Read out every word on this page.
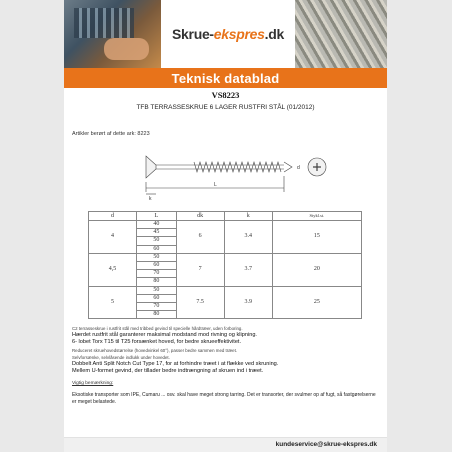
Skrue-ekspres.dk
Teknisk datablad
VS8223
TFB TERRASSESKRUE 6 LAGER RUSTFRI STÅL (01/2012)
Artikler berørt af dette ark: 8223
L
k
d
d	L	dk	k	Stykl.st.
4	40	6	3.4	15
	45			
	50			
	60			
4,5	50	7	3.7	20
	60			
	70			
	80			
5	50	7.5	3.9	25
	60			
	70			
	80			
C2 terrasseskrue i rustfrit stål med tribbed gevind til specielle hårdtræer, uden forboring.
Hærdet rustfrit stål garanterer maksimal modstand mod rivning og klipning.
6- lobet Torx T15 til T25 forsænket hoved, for bedre skrueeffektivitet.
Reduceret skruehovedstørrelse (hovedvinkel 60°), passer bedre sammen med træet.
Selvforsænke, selvlåsende indlukk under hovedet.
Dobbelt Anti Split Notch Cut Type 17, for at forhindre træet i at flække ved skruning.
Mellem U-formet gevind, der tillader bedre indtrængning af skruen ind i træet.
Vigtig bemærkning:
Eksotiske transporter som IPE, Cumaru ... osv. skal have meget strong tarring. Det er transorter, der svulmer op af fugt, så fastgørelserne er meget belastede.
kundeservice@skrue-ekspres.dk
